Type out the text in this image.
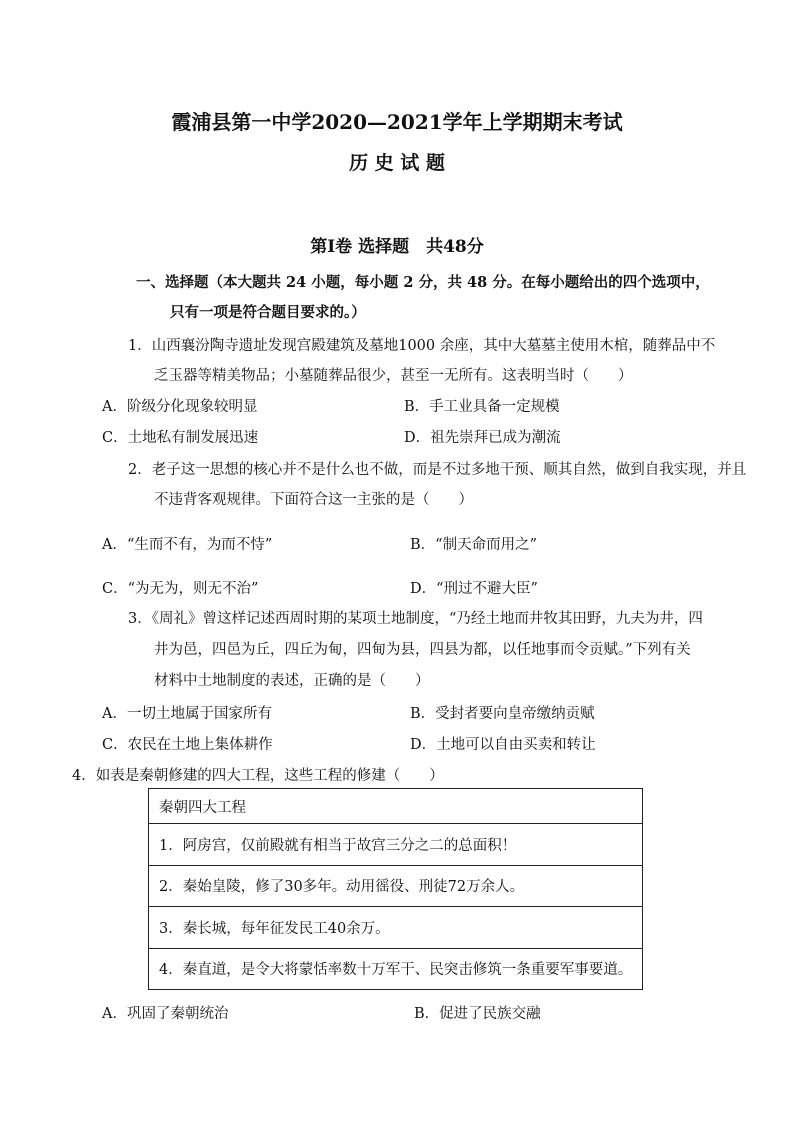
霞浦县第一中学2020—2021学年上学期期末考试
历 史 试 题
第Ⅰ卷 选择题　共48分
一、选择题（本大题共 24 小题，每小题 2 分，共 48 分。在每小题给出的四个选项中，
只有一项是符合题目要求的。）
1．山西襄汾陶寺遗址发现宫殿建筑及墓地1000 余座，其中大墓墓主使用木棺，随葬品中不
乏玉器等精美物品；小墓随葬品很少，甚至一无所有。这表明当时（　　）
A．阶级分化现象较明显	B．手工业具备一定规模
C．土地私有制发展迅速	D．祖先崇拜已成为潮流
2．老子这一思想的核心并不是什么也不做，而是不过多地干预、顺其自然，做到自我实现，并且
不违背客观规律。下面符合这一主张的是（　　）
A．“生而不有，为而不恃”	B．“制天命而用之”
C．“为无为，则无不治”	D．“刑过不避大臣”
3．《周礼》曾这样记述西周时期的某项土地制度，“乃经土地而井牧其田野，九夫为井，四
井为邑，四邑为丘，四丘为甸，四甸为县，四县为都，以任地事而令贡赋。”下列有关
材料中土地制度的表述，正确的是（　　）
A．一切土地属于国家所有	B．受封者要向皇帝缴纳贡赋
C．农民在土地上集体耕作	D．土地可以自由买卖和转让
4．如表是秦朝修建的四大工程，这些工程的修建（　　）
秦朝四大工程
1．阿房宫，仅前殿就有相当于故宫三分之二的总面积！
2．秦始皇陵，修了30多年。动用徭役、刑徒72万余人。
3．秦长城，每年征发民工40余万。
4．秦直道，是令大将蒙恬率数十万军干、民突击修筑一条重要军事要道。
A．巩固了秦朝统治	B．促进了民族交融
